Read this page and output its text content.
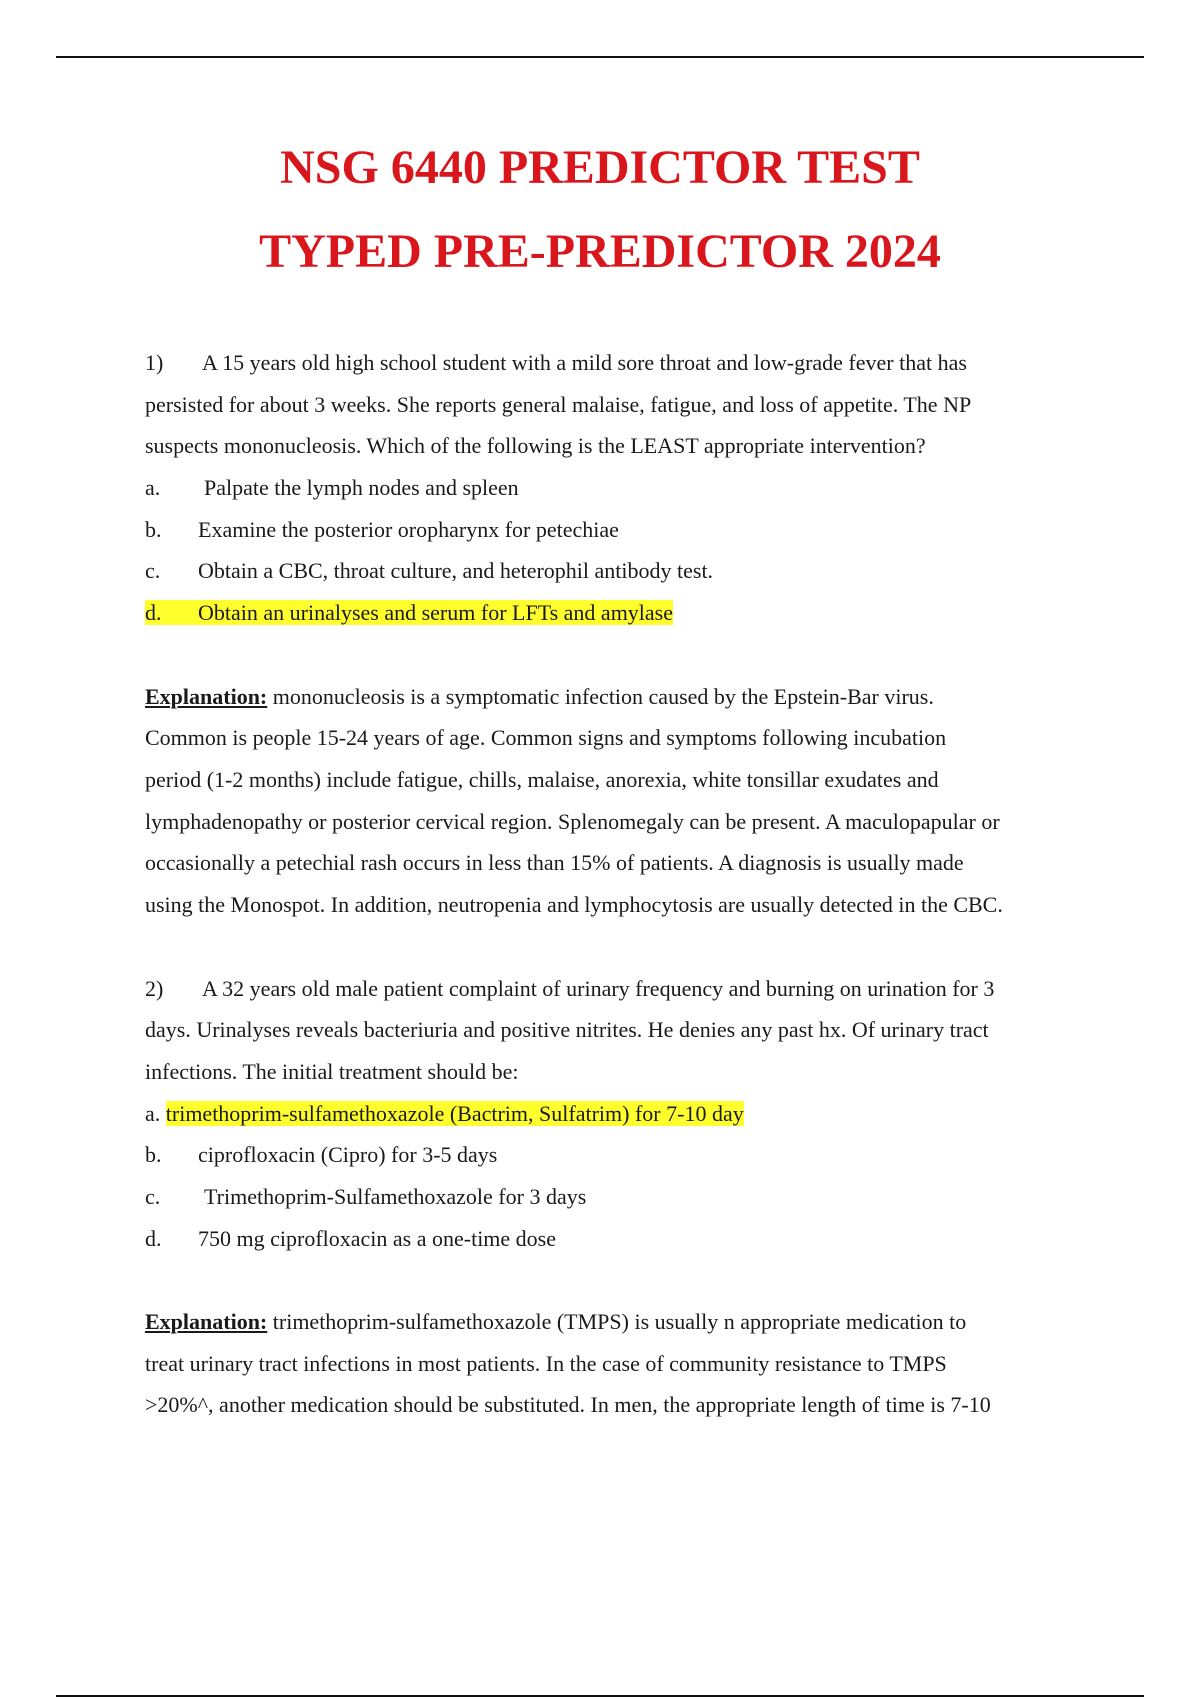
NSG 6440 PREDICTOR TEST
TYPED PRE-PREDICTOR 2024
1) A 15 years old high school student with a mild sore throat and low-grade fever that has
persisted for about 3 weeks. She reports general malaise, fatigue, and loss of appetite. The NP
suspects mononucleosis. Which of the following is the LEAST appropriate intervention?
a. Palpate the lymph nodes and spleen
b. Examine the posterior oropharynx for petechiae
c. Obtain a CBC, throat culture, and heterophil antibody test.
d. Obtain an urinalyses and serum for LFTs and amylase
Explanation: mononucleosis is a symptomatic infection caused by the Epstein-Bar virus.
Common is people 15-24 years of age. Common signs and symptoms following incubation
period (1-2 months) include fatigue, chills, malaise, anorexia, white tonsillar exudates and
lymphadenopathy or posterior cervical region. Splenomegaly can be present. A maculopapular or
occasionally a petechial rash occurs in less than 15% of patients. A diagnosis is usually made
using the Monospot. In addition, neutropenia and lymphocytosis are usually detected in the CBC.
2) A 32 years old male patient complaint of urinary frequency and burning on urination for 3
days. Urinalyses reveals bacteriuria and positive nitrites. He denies any past hx. Of urinary tract
infections. The initial treatment should be:
a. trimethoprim-sulfamethoxazole (Bactrim, Sulfatrim) for 7-10 day
b. ciprofloxacin (Cipro) for 3-5 days
c. Trimethoprim-Sulfamethoxazole for 3 days
d. 750 mg ciprofloxacin as a one-time dose
Explanation: trimethoprim-sulfamethoxazole (TMPS) is usually n appropriate medication to
treat urinary tract infections in most patients. In the case of community resistance to TMPS
>20%^, another medication should be substituted. In men, the appropriate length of time is 7-10
